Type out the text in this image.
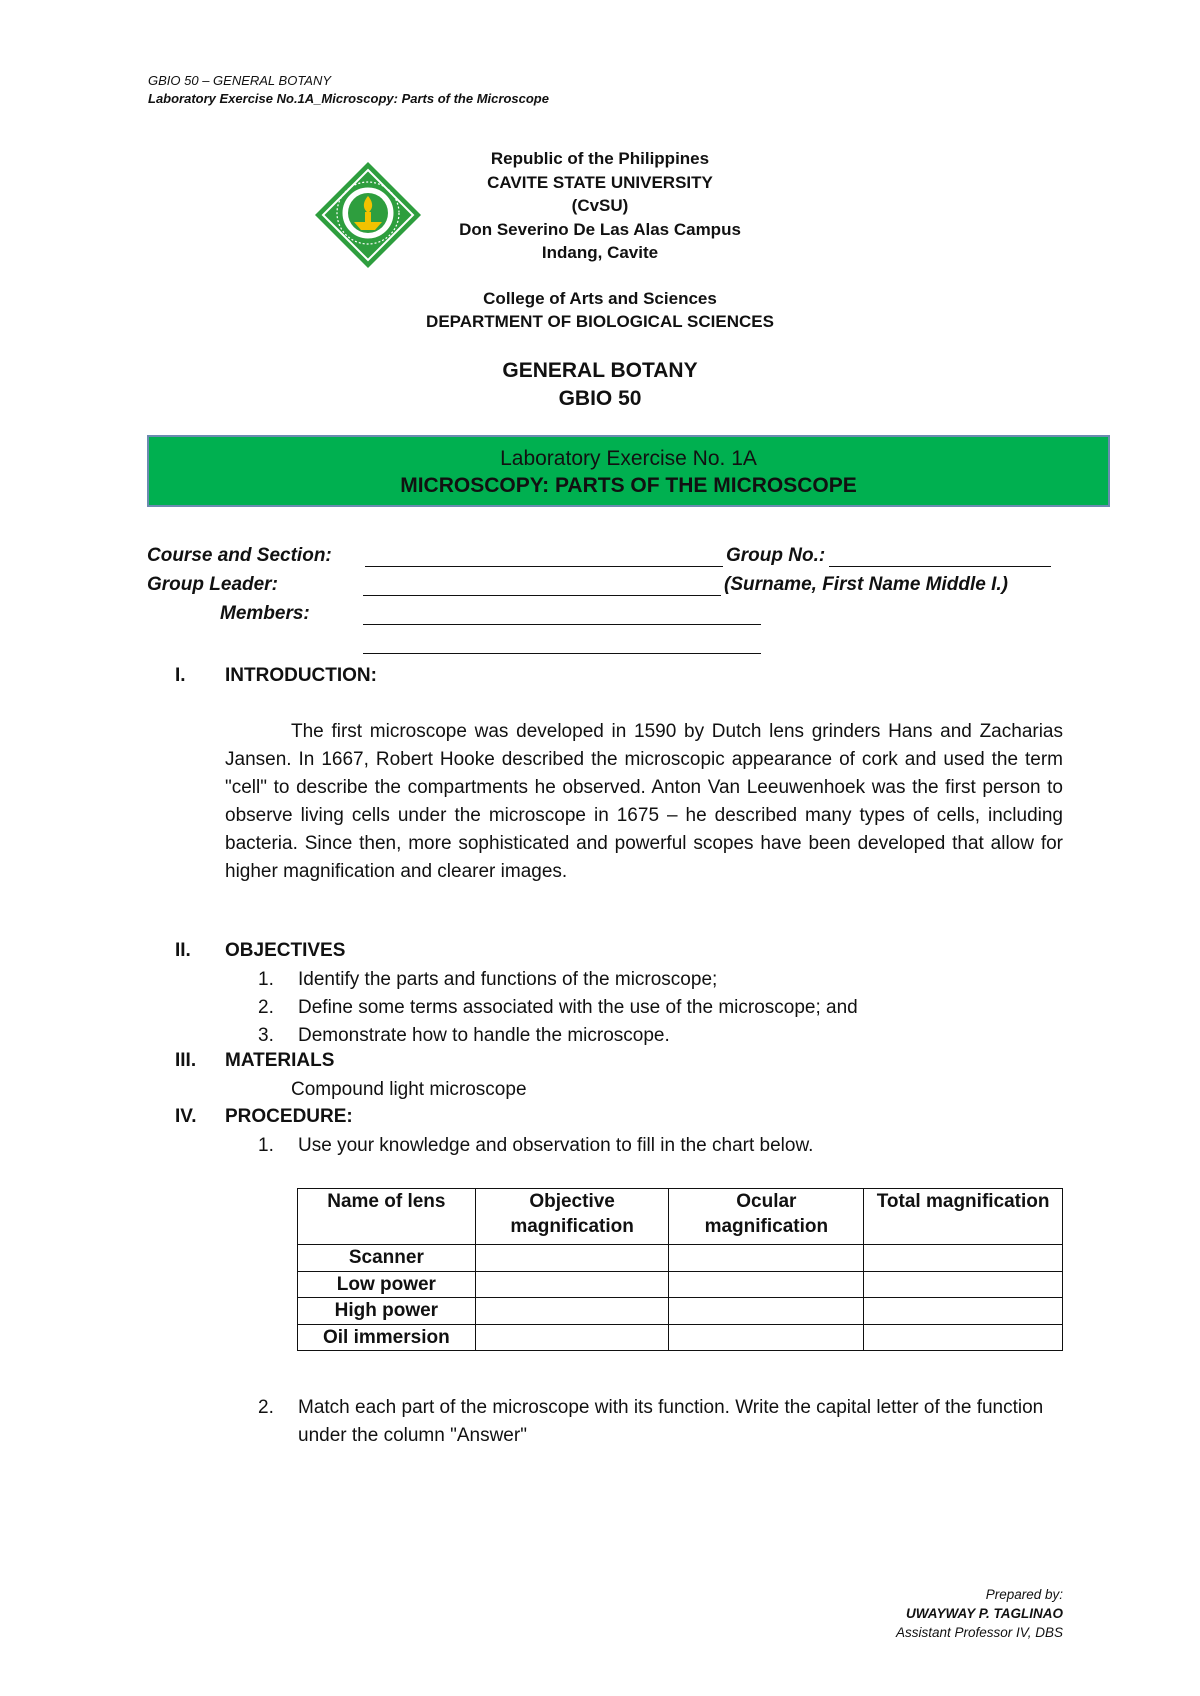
GBIO 50 – GENERAL BOTANY
Laboratory Exercise No.1A_Microscopy: Parts of the Microscope
Republic of the Philippines
CAVITE STATE UNIVERSITY
(CvSU)
Don Severino De Las Alas Campus
Indang, Cavite
College of Arts and Sciences
DEPARTMENT OF BIOLOGICAL SCIENCES
GENERAL BOTANY
GBIO 50
Laboratory Exercise No. 1A
MICROSCOPY: PARTS OF THE MICROSCOPE
Course and Section:	Group No.:
Group Leader:	(Surname, First Name Middle I.)
Members:
I. INTRODUCTION:

The first microscope was developed in 1590 by Dutch lens grinders Hans and Zacharias Jansen. In 1667, Robert Hooke described the microscopic appearance of cork and used the term "cell" to describe the compartments he observed. Anton Van Leeuwenhoek was the first person to observe living cells under the microscope in 1675 – he described many types of cells, including bacteria. Since then, more sophisticated and powerful scopes have been developed that allow for higher magnification and clearer images.

II. OBJECTIVES
1. Identify the parts and functions of the microscope;
2. Define some terms associated with the use of the microscope; and
3. Demonstrate how to handle the microscope.
III. MATERIALS
Compound light microscope
IV. PROCEDURE:
1. Use your knowledge and observation to fill in the chart below.
Name of lens	Objective magnification	Ocular magnification	Total magnification
Scanner			
Low power			
High power			
Oil immersion			
2. Match each part of the microscope with its function. Write the capital letter of the function under the column "Answer"
Prepared by:
UWAYWAY P. TAGLINAO
Assistant Professor IV, DBS
